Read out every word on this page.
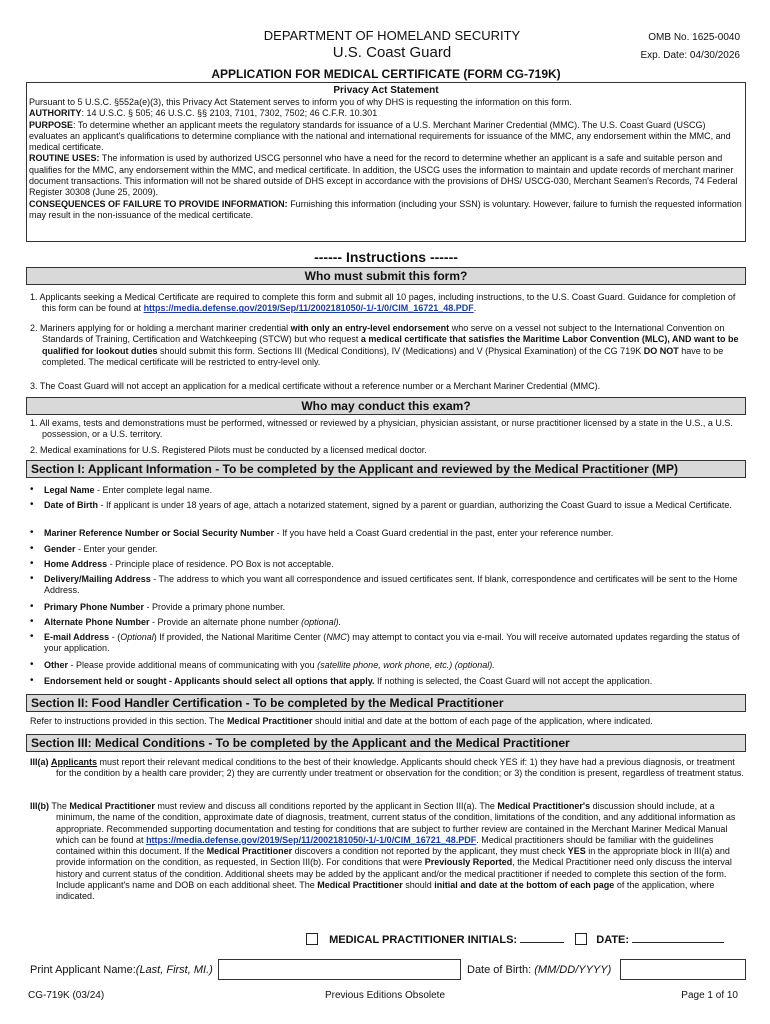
DEPARTMENT OF HOMELAND SECURITY
U.S. Coast Guard
OMB No. 1625-0040
Exp. Date: 04/30/2026
APPLICATION FOR MEDICAL CERTIFICATE (FORM CG-719K)
Privacy Act Statement
Pursuant to 5 U.S.C. §552a(e)(3), this Privacy Act Statement serves to inform you of why DHS is requesting the information on this form.
AUTHORITY: 14 U.S.C. § 505; 46 U.S.C. §§ 2103, 7101, 7302, 7502; 46 C.F.R. 10.301
PURPOSE: To determine whether an applicant meets the regulatory standards for issuance of a U.S. Merchant Mariner Credential (MMC). The U.S. Coast Guard (USCG) evaluates an applicant's qualifications to determine compliance with the national and international requirements for issuance of the MMC, any endorsement within the MMC, and medical certificate.
ROUTINE USES: The information is used by authorized USCG personnel who have a need for the record to determine whether an applicant is a safe and suitable person and qualifies for the MMC, any endorsement within the MMC, and medical certificate. In addition, the USCG uses the information to maintain and update records of merchant mariner document transactions. This information will not be shared outside of DHS except in accordance with the provisions of DHS/ USCG-030, Merchant Seamen's Records, 74 Federal Register 30308 (June 25, 2009).
CONSEQUENCES OF FAILURE TO PROVIDE INFORMATION: Furnishing this information (including your SSN) is voluntary. However, failure to furnish the requested information may result in the non-issuance of the medical certificate.
------ Instructions ------
Who must submit this form?
1. Applicants seeking a Medical Certificate are required to complete this form and submit all 10 pages, including instructions, to the U.S. Coast Guard. Guidance for completion of this form can be found at https://media.defense.gov/2019/Sep/11/2002181050/-1/-1/0/CIM_16721_48.PDF.
2. Mariners applying for or holding a merchant mariner credential with only an entry-level endorsement who serve on a vessel not subject to the International Convention on Standards of Training, Certification and Watchkeeping (STCW) but who request a medical certificate that satisfies the Maritime Labor Convention (MLC), AND want to be qualified for lookout duties should submit this form. Sections III (Medical Conditions), IV (Medications) and V (Physical Examination) of the CG 719K DO NOT have to be completed. The medical certificate will be restricted to entry-level only.
3. The Coast Guard will not accept an application for a medical certificate without a reference number or a Merchant Mariner Credential (MMC).
Who may conduct this exam?
1. All exams, tests and demonstrations must be performed, witnessed or reviewed by a physician, physician assistant, or nurse practitioner licensed by a state in the U.S., a U.S. possession, or a U.S. territory.
2. Medical examinations for U.S. Registered Pilots must be conducted by a licensed medical doctor.
Section I: Applicant Information - To be completed by the Applicant and reviewed by the Medical Practitioner (MP)
• Legal Name - Enter complete legal name.
• Date of Birth - If applicant is under 18 years of age, attach a notarized statement, signed by a parent or guardian, authorizing the Coast Guard to issue a Medical Certificate.
• Mariner Reference Number or Social Security Number - If you have held a Coast Guard credential in the past, enter your reference number.
• Gender - Enter your gender.
• Home Address - Principle place of residence. PO Box is not acceptable.
• Delivery/Mailing Address - The address to which you want all correspondence and issued certificates sent. If blank, correspondence and certificates will be sent to the Home Address.
• Primary Phone Number - Provide a primary phone number.
• Alternate Phone Number - Provide an alternate phone number (optional).
• E-mail Address - (Optional) If provided, the National Maritime Center (NMC) may attempt to contact you via e-mail. You will receive automated updates regarding the status of your application.
• Other - Please provide additional means of communicating with you (satellite phone, work phone, etc.) (optional).
• Endorsement held or sought - Applicants should select all options that apply. If nothing is selected, the Coast Guard will not accept the application.
Section II: Food Handler Certification - To be completed by the Medical Practitioner
Refer to instructions provided in this section. The Medical Practitioner should initial and date at the bottom of each page of the application, where indicated.
Section III: Medical Conditions - To be completed by the Applicant and the Medical Practitioner
III(a) Applicants must report their relevant medical conditions to the best of their knowledge. Applicants should check YES if: 1) they have had a previous diagnosis, or treatment for the condition by a health care provider; 2) they are currently under treatment or observation for the condition; or 3) the condition is present, regardless of treatment status.
III(b) The Medical Practitioner must review and discuss all conditions reported by the applicant in Section III(a). The Medical Practitioner's discussion should include, at a minimum, the name of the condition, approximate date of diagnosis, treatment, current status of the condition, limitations of the condition, and any additional information as appropriate. Recommended supporting documentation and testing for conditions that are subject to further review are contained in the Merchant Mariner Medical Manual which can be found at https://media.defense.gov/2019/Sep/11/2002181050/-1/-1/0/CIM_16721_48.PDF. Medical practitioners should be familiar with the guidelines contained within this document. If the Medical Practitioner discovers a condition not reported by the applicant, they must check YES in the appropriate block in III(a) and provide information on the condition, as requested, in Section III(b). For conditions that were Previously Reported, the Medical Practitioner need only discuss the interval history and current status of the condition. Additional sheets may be added by the applicant and/or the medical practitioner if needed to complete this section of the form. Include applicant's name and DOB on each additional sheet. The Medical Practitioner should initial and date at the bottom of each page of the application, where indicated.
MEDICAL PRACTITIONER INITIALS:	DATE:
Print Applicant Name:(Last, First, MI.)	Date of Birth: (MM/DD/YYYY)
CG-719K (03/24)	Previous Editions Obsolete	Page 1 of 10
